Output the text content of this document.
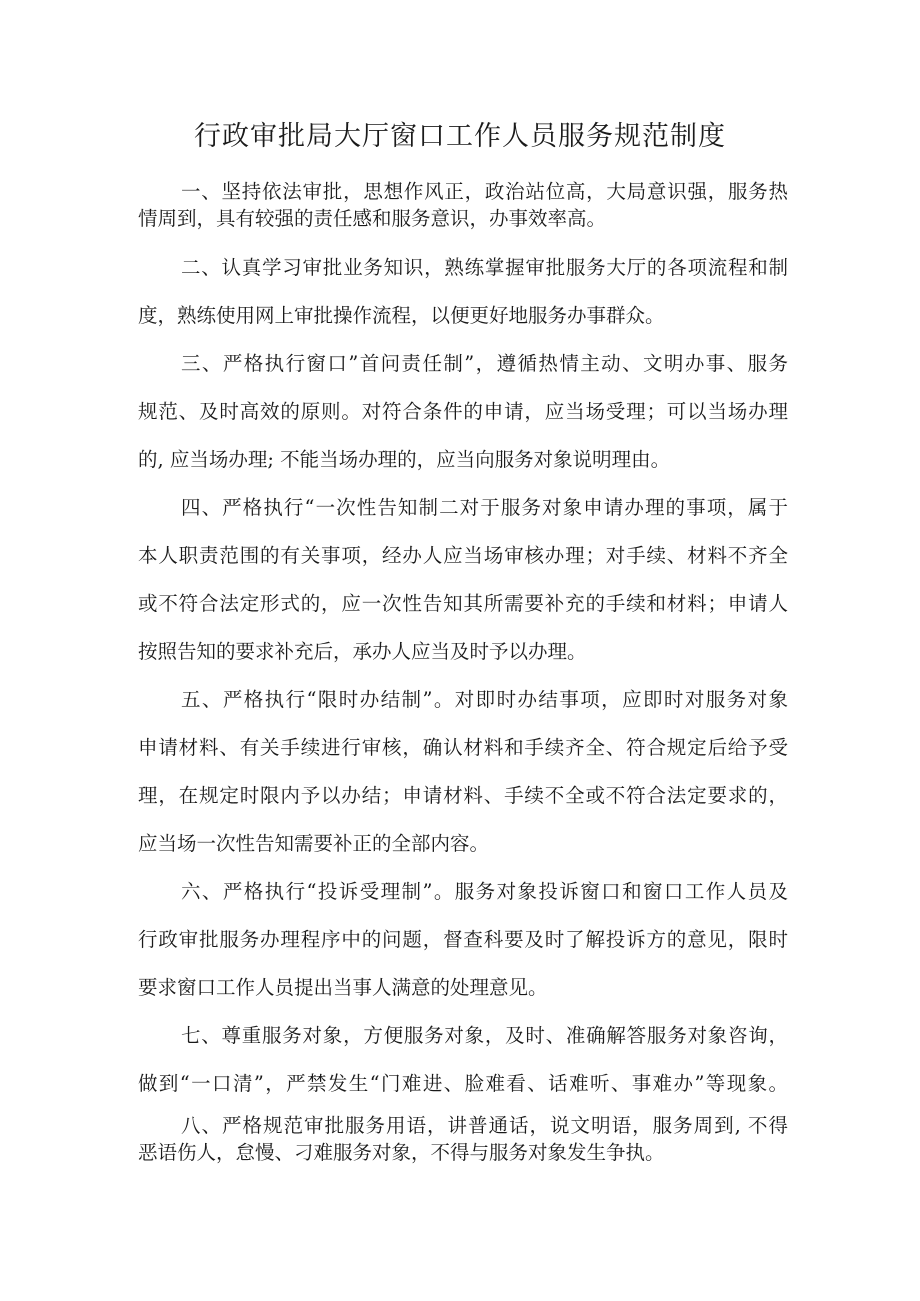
行政审批局大厅窗口工作人员服务规范制度
一、坚持依法审批，思想作风正，政治站位高，大局意识强，服务热
情周到，具有较强的责任感和服务意识，办事效率高。
二、认真学习审批业务知识，熟练掌握审批服务大厅的各项流程和制
度，熟练使用网上审批操作流程，以便更好地服务办事群众。
三、严格执行窗口”首问责任制”，遵循热情主动、文明办事、服务
规范、及时高效的原则。对符合条件的申请，应当场受理；可以当场办理
的, 应当场办理; 不能当场办理的，应当向服务对象说明理由。
四、严格执行“一次性告知制二对于服务对象申请办理的事项，属于
本人职责范围的有关事项，经办人应当场审核办理；对手续、材料不齐全
或不符合法定形式的，应一次性告知其所需要补充的手续和材料；申请人
按照告知的要求补充后，承办人应当及时予以办理。
五、严格执行“限时办结制”。对即时办结事项，应即时对服务对象
申请材料、有关手续进行审核，确认材料和手续齐全、符合规定后给予受
理，在规定时限内予以办结；申请材料、手续不全或不符合法定要求的，
应当场一次性告知需要补正的全部内容。
六、严格执行“投诉受理制”。服务对象投诉窗口和窗口工作人员及
行政审批服务办理程序中的问题，督查科要及时了解投诉方的意见，限时
要求窗口工作人员提出当事人满意的处理意见。
七、尊重服务对象，方便服务对象，及时、准确解答服务对象咨询，
做到“一口清”，严禁发生“门难进、脸难看、话难听、事难办”等现象。
八、严格规范审批服务用语，讲普通话，说文明语，服务周到, 不得
恶语伤人，怠慢、刁难服务对象，不得与服务对象发生争执。
